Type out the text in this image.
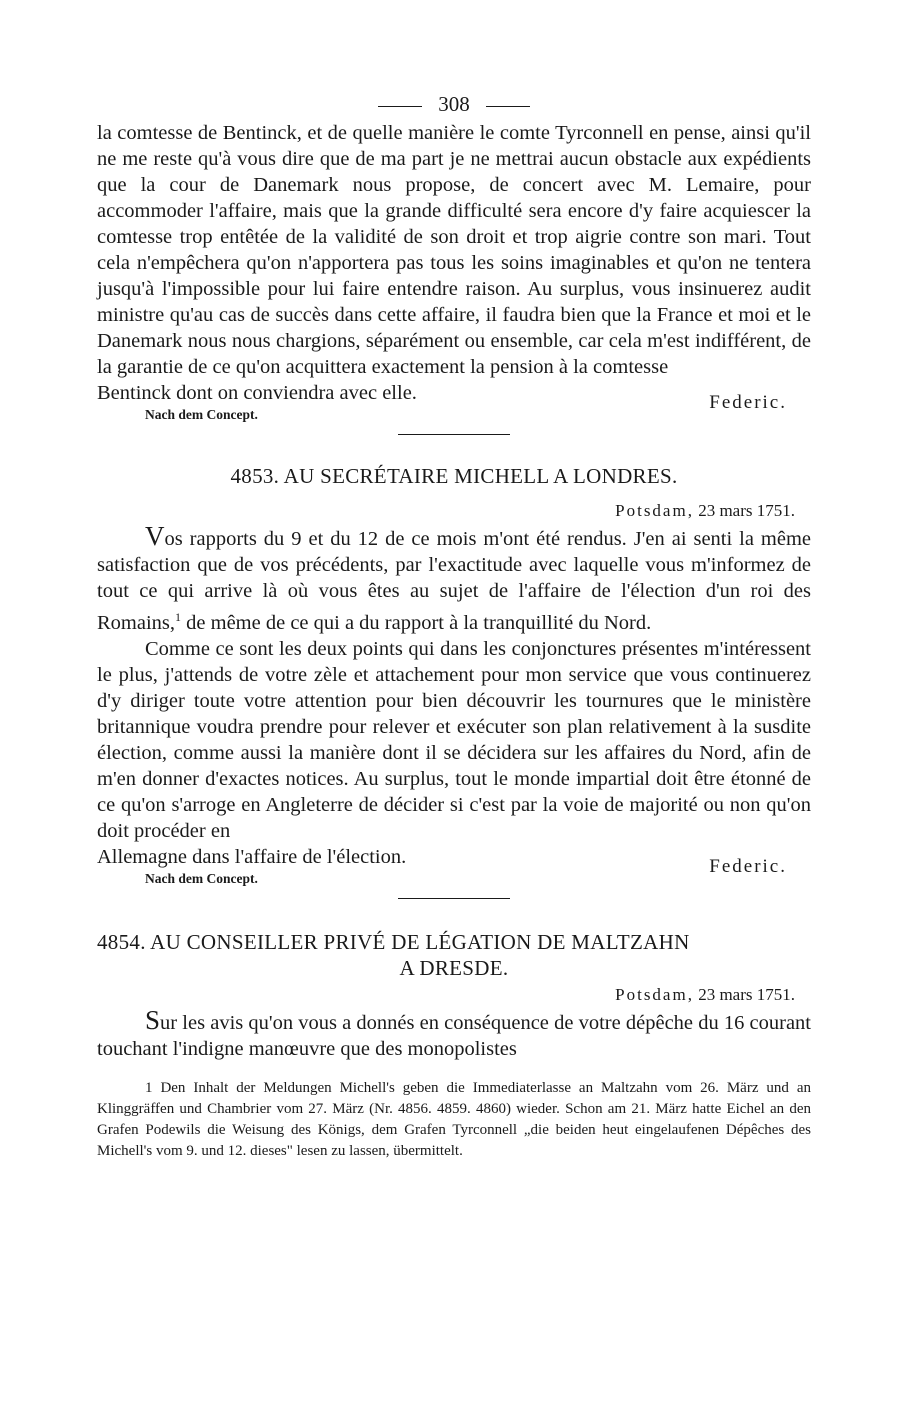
308

la comtesse de Bentinck, et de quelle manière le comte Tyrconnell en pense, ainsi qu'il ne me reste qu'à vous dire que de ma part je ne mettrai aucun obstacle aux expédients que la cour de Danemark nous propose, de concert avec M. Lemaire, pour accommoder l'affaire, mais que la grande difficulté sera encore d'y faire acquiescer la comtesse trop entêtée de la validité de son droit et trop aigrie contre son mari. Tout cela n'empêchera qu'on n'apportera pas tous les soins imaginables et qu'on ne tentera jusqu'à l'impossible pour lui faire entendre raison. Au surplus, vous insinuerez audit ministre qu'au cas de succès dans cette affaire, il faudra bien que la France et moi et le Danemark nous nous chargions, séparément ou ensemble, car cela m'est indifférent, de la garantie de ce qu'on acquittera exactement la pension à la comtesse

Bentinck dont on conviendra avec elle.	Federic.
Nach dem Concept.
4853. AU SECRÉTAIRE MICHELL A LONDRES.
Potsdam, 23 mars 1751.

Vos rapports du 9 et du 12 de ce mois m'ont été rendus. J'en ai senti la même satisfaction que de vos précédents, par l'exactitude avec laquelle vous m'informez de tout ce qui arrive là où vous êtes au sujet de l'affaire de l'élection d'un roi des Romains,$^1$ de même de ce qui a du rapport à la tranquillité du Nord.

Comme ce sont les deux points qui dans les conjonctures présentes m'intéressent le plus, j'attends de votre zèle et attachement pour mon service que vous continuerez d'y diriger toute votre attention pour bien découvrir les tournures que le ministère britannique voudra prendre pour relever et exécuter son plan relativement à la susdite élection, comme aussi la manière dont il se décidera sur les affaires du Nord, afin de m'en donner d'exactes notices. Au surplus, tout le monde impartial doit être étonné de ce qu'on s'arroge en Angleterre de décider si c'est par la voie de majorité ou non qu'on doit procéder en

Allemagne dans l'affaire de l'élection.	Federic.
Nach dem Concept.
4854. AU CONSEILLER PRIVÉ DE LÉGATION DE MALTZAHN
A DRESDE.
Potsdam, 23 mars 1751.

Sur les avis qu'on vous a donnés en conséquence de votre dépêche du 16 courant touchant l'indigne manœuvre que des monopolistes

1 Den Inhalt der Meldungen Michell's geben die Immediaterlasse an Maltzahn vom 26. März und an Klinggräffen und Chambrier vom 27. März (Nr. 4856. 4859. 4860) wieder. Schon am 21. März hatte Eichel an den Grafen Podewils die Weisung des Königs, dem Grafen Tyrconnell „die beiden heut eingelaufenen Dépêches des Michell's vom 9. und 12. dieses" lesen zu lassen, übermittelt.
